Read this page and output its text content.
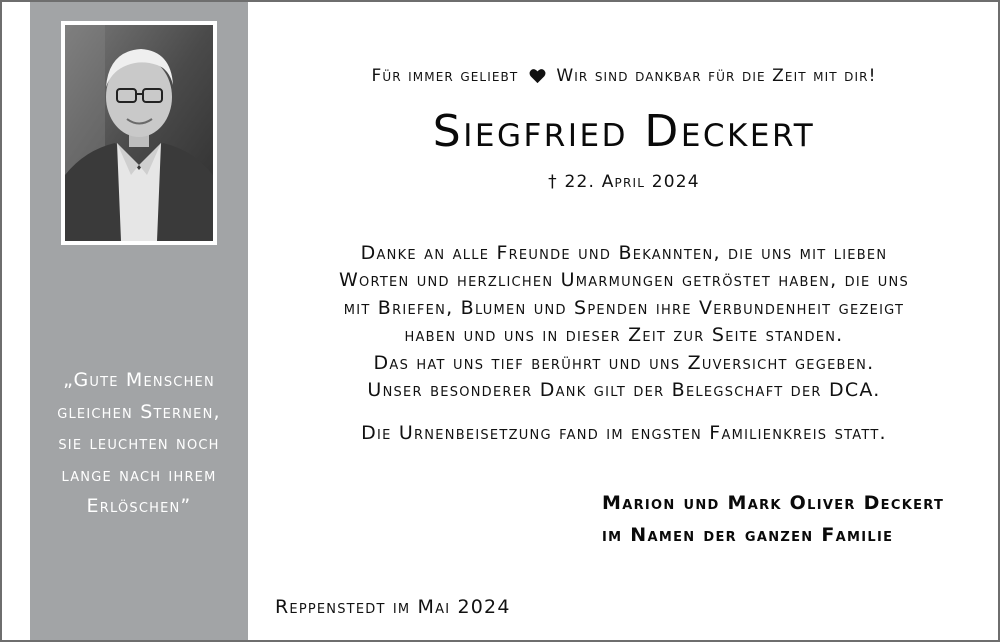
„Gute Menschen
gleichen Sternen,
sie leuchten noch
lange nach ihrem
Erlöschen”
Für immer geliebt Wir sind dankbar für die Zeit mit dir!
Siegfried Deckert
† 22. April 2024
Danke an alle Freunde und Bekannten, die uns mit lieben
Worten und herzlichen Umarmungen getröstet haben, die uns
mit Briefen, Blumen und Spenden ihre Verbundenheit gezeigt
haben und uns in dieser Zeit zur Seite standen.
Das hat uns tief berührt und uns Zuversicht gegeben.
Unser besonderer Dank gilt der Belegschaft der DCA.
Die Urnenbeisetzung fand im engsten Familienkreis statt.
Marion und Mark Oliver Deckert
im Namen der ganzen Familie
Reppenstedt im Mai 2024
